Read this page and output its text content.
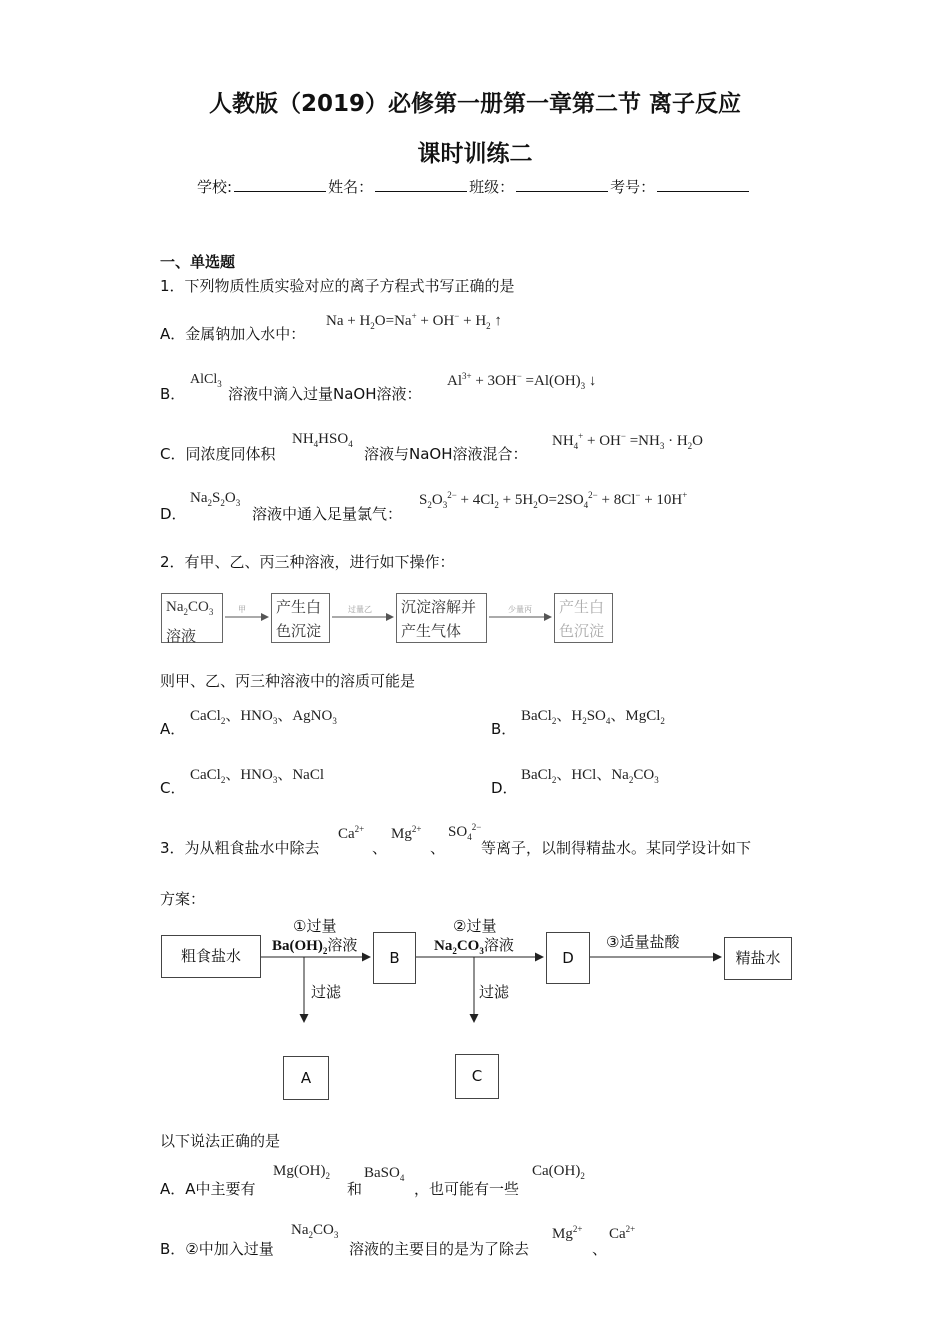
人教版（2019）必修第一册第一章第二节 离子反应
课时训练二
学校:	姓名：	班级：	考号：
一、单选题
1．下列物质性质实验对应的离子方程式书写正确的是
A．金属钠加入水中：
$Na + H_2O=Na^+ + OH^- + H_2$ ↑
B．
AlCl$_3$
溶液中滴入过量NaOH溶液：
$Al^{3+} + 3OH^- =Al(OH)_3$ ↓
C．同浓度同体积
$NH_4HSO_4$
溶液与NaOH溶液混合：
$NH_4^+ + OH^- =NH_3 \cdot H_2O$
D．
$Na_2S_2O_3$
溶液中通入足量氯气：
$S_2O_3^{2-} + 4Cl_2 + 5H_2O=2SO_4^{2-} + 8Cl^- + 10H^+$
2．有甲、乙、丙三种溶液，进行如下操作：
$Na_2CO_3$
溶液
产生白
色沉淀
沉淀溶解并
产生气体
产生白
色沉淀
甲	过量乙	少量丙
则甲、乙、丙三种溶液中的溶质可能是
A．
CaCl$_2$、$HNO_3$、AgNO$_3$	B．
BaCl$_2$、$H_2SO_4$、MgCl$_2$
C．
CaCl$_2$、$HNO_3$、NaCl
D．
BaCl$_2$、HCl、$Na_2CO_3$
3．为从粗食盐水中除去
$Ca^{2+}$
、
$Mg^{2+}$
、
$SO_4^{2-}$
等离子，以制得精盐水。某同学设计如下
方案：
粗食盐水	B	D	精盐水
A	C
①过量
$Ba(OH)_2$溶液
②过量
$Na_2CO_3$溶液	③适量盐酸
过滤	过滤
以下说法正确的是
A．A中主要有
$Mg(OH)_2$
和
BaSO$_4$
，也可能有一些
$Ca(OH)_2$
B．②中加入过量
$Na_2CO_3$
溶液的主要目的是为了除去
$Mg^{2+}$
、
$Ca^{2+}$
